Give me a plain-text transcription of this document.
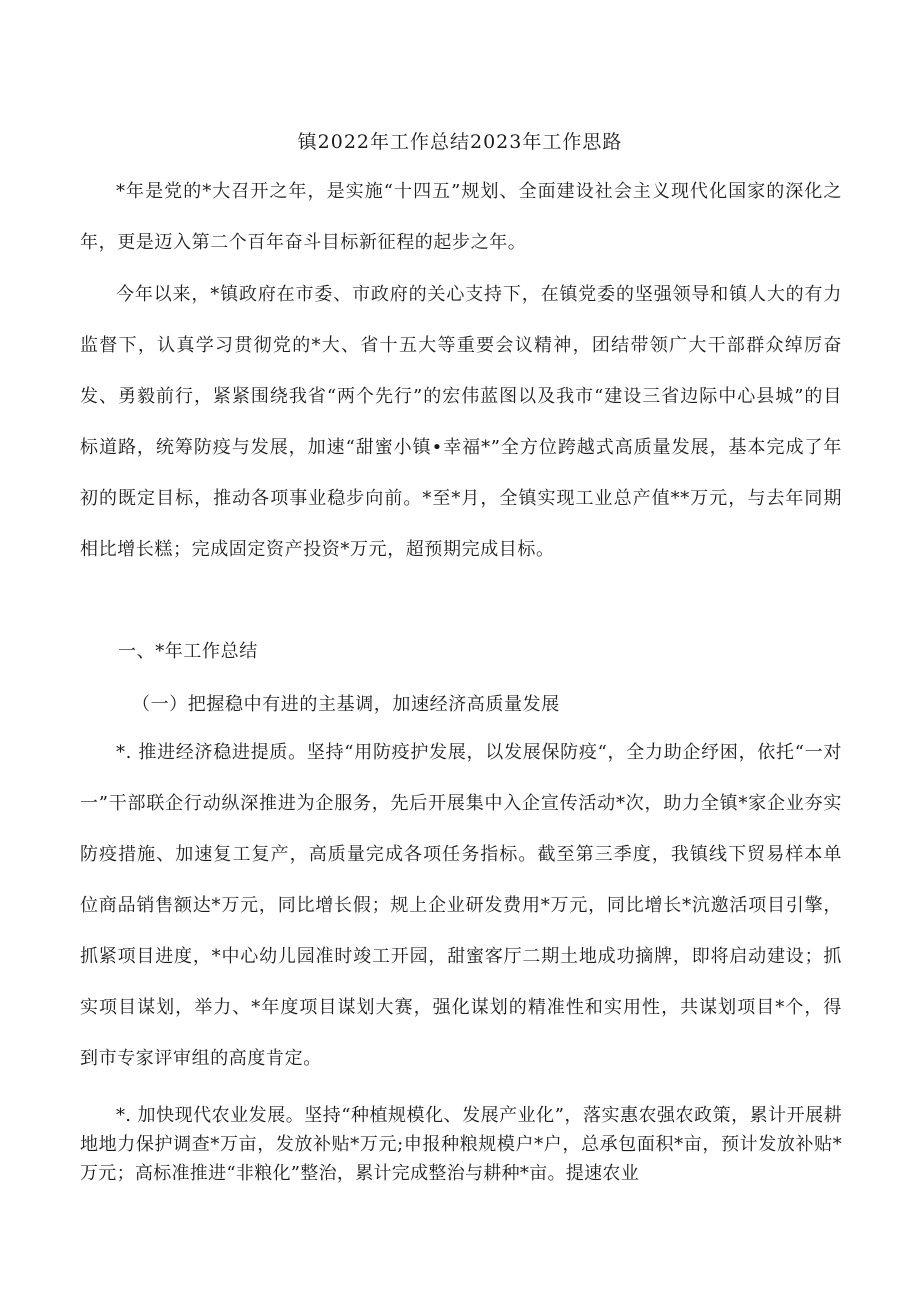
镇2022年工作总结2023年工作思路

*年是党的*大召开之年，是实施“十四五”规划、全面建设社会主义现代化国家的深化之年，更是迈入第二个百年奋斗目标新征程的起步之年。

今年以来，*镇政府在市委、市政府的关心支持下，在镇党委的坚强领导和镇人大的有力监督下，认真学习贯彻党的*大、省十五大等重要会议精神，团结带领广大干部群众绰厉奋发、勇毅前行，紧紧围绕我省“两个先行”的宏伟蓝图以及我市“建设三省边际中心县城”的目标道路，统筹防疫与发展，加速“甜蜜小镇•幸福*”全方位跨越式高质量发展，基本完成了年初的既定目标，推动各项事业稳步向前。*至*月，全镇实现工业总产值**万元，与去年同期相比增长糕；完成固定资产投资*万元，超预期完成目标。

一、*年工作总结
（一）把握稳中有进的主基调，加速经济高质量发展

*. 推进经济稳进提质。坚持“用防疫护发展，以发展保防疫“，全力助企纾困，依托“一对一”干部联企行动纵深推进为企服务，先后开展集中入企宣传活动*次，助力全镇*家企业夯实防疫措施、加速复工复产，高质量完成各项任务指标。截至第三季度，我镇线下贸易样本单位商品销售额达*万元，同比增长假；规上企业研发费用*万元，同比增长*沆邀活项目引擎，抓紧项目进度，*中心幼儿园准时竣工开园，甜蜜客厅二期土地成功摘牌，即将启动建设；抓实项目谋划，举力、*年度项目谋划大赛，强化谋划的精准性和实用性，共谋划项目*个，得到市专家评审组的高度肯定。

*. 加快现代农业发展。坚持“种植规模化、发展产业化”，落实惠农强农政策，累计开展耕地地力保护调查*万亩，发放补贴*万元;申报种粮规模户*户，总承包面积*亩，预计发放补贴*万元；高标准推进“非粮化”整治，累计完成整治与耕种*亩。提速农业
